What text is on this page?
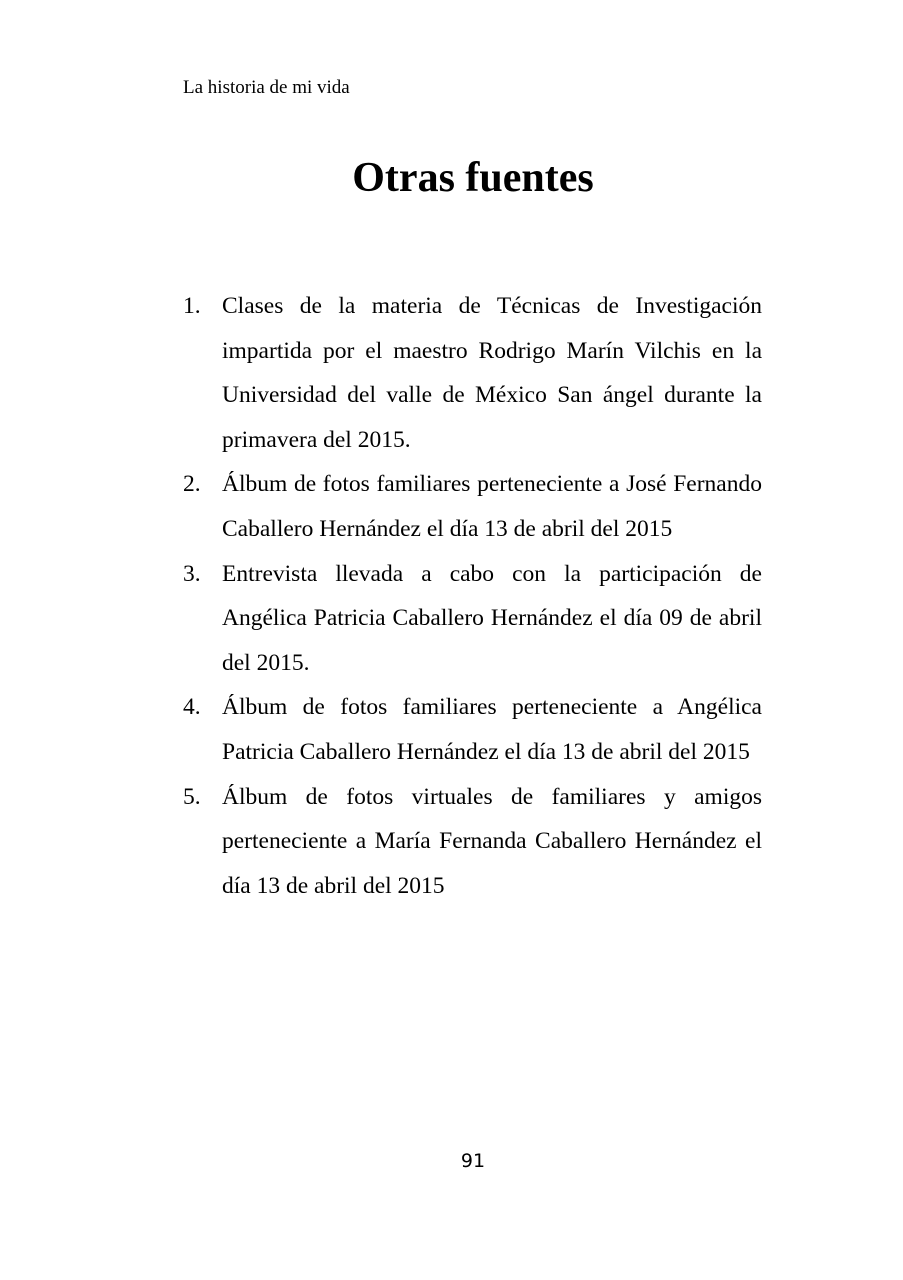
La historia de mi vida
Otras fuentes
1. Clases de la materia de Técnicas de Investigación impartida por el maestro Rodrigo Marín Vilchis en la Universidad del valle de México San ángel durante la primavera del 2015.
2. Álbum de fotos familiares perteneciente a José Fernando Caballero Hernández el día 13 de abril del 2015
3. Entrevista llevada a cabo con la participación de Angélica Patricia Caballero Hernández el día 09 de abril del 2015.
4. Álbum de fotos familiares perteneciente a Angélica Patricia Caballero Hernández el día 13 de abril del 2015
5. Álbum de fotos virtuales de familiares y amigos perteneciente a María Fernanda Caballero Hernández el día 13 de abril del 2015
91
